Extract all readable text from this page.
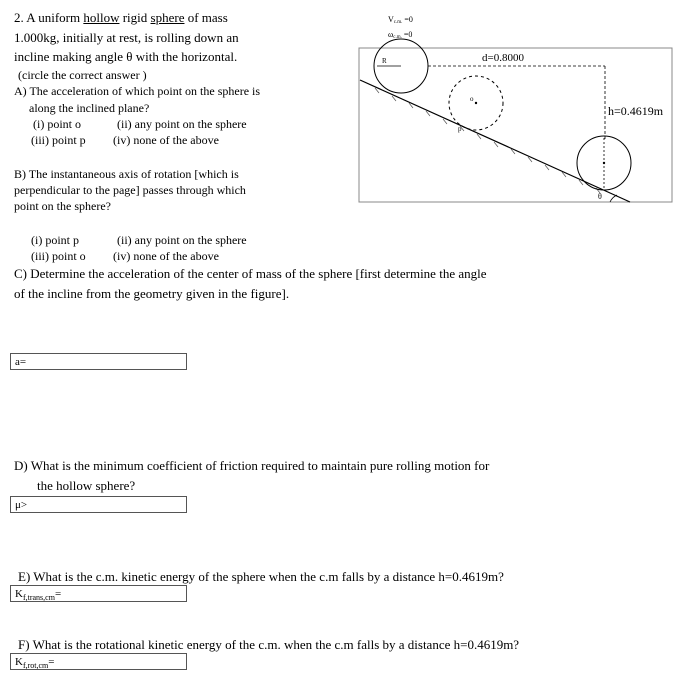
2. A uniform hollow rigid sphere of mass
1.000kg, initially at rest, is rolling down an
incline making angle θ with the horizontal.
(circle the correct answer )
A) The acceleration of which point on the sphere is
along the inclined plane?
(i) point o	(ii) any point on the sphere
(iii) point p (iv) none of the above
B) The instantaneous axis of rotation [which is
perpendicular to the page] passes through which
point on the sphere?
(i) point p	(ii) any point on the sphere
(iii) point o (iv) none of the above
C) Determine the acceleration of the center of mass of the sphere [first determine the angle
of the incline from the geometry given in the figure].
a=
D) What is the minimum coefficient of friction required to maintain pure rolling motion for
the hollow sphere?
μ>
E) What is the c.m. kinetic energy of the sphere when the c.m falls by a distance h=0.4619m?
$K_{f,trans,cm}=$
F) What is the rotational kinetic energy of the c.m. when the c.m falls by a distance h=0.4619m?
$K_{f,rot,cm}=$
R
o
p
θ
d=0.8000
h=0.4619m
Vc.m. =0
ωc.m. =0
